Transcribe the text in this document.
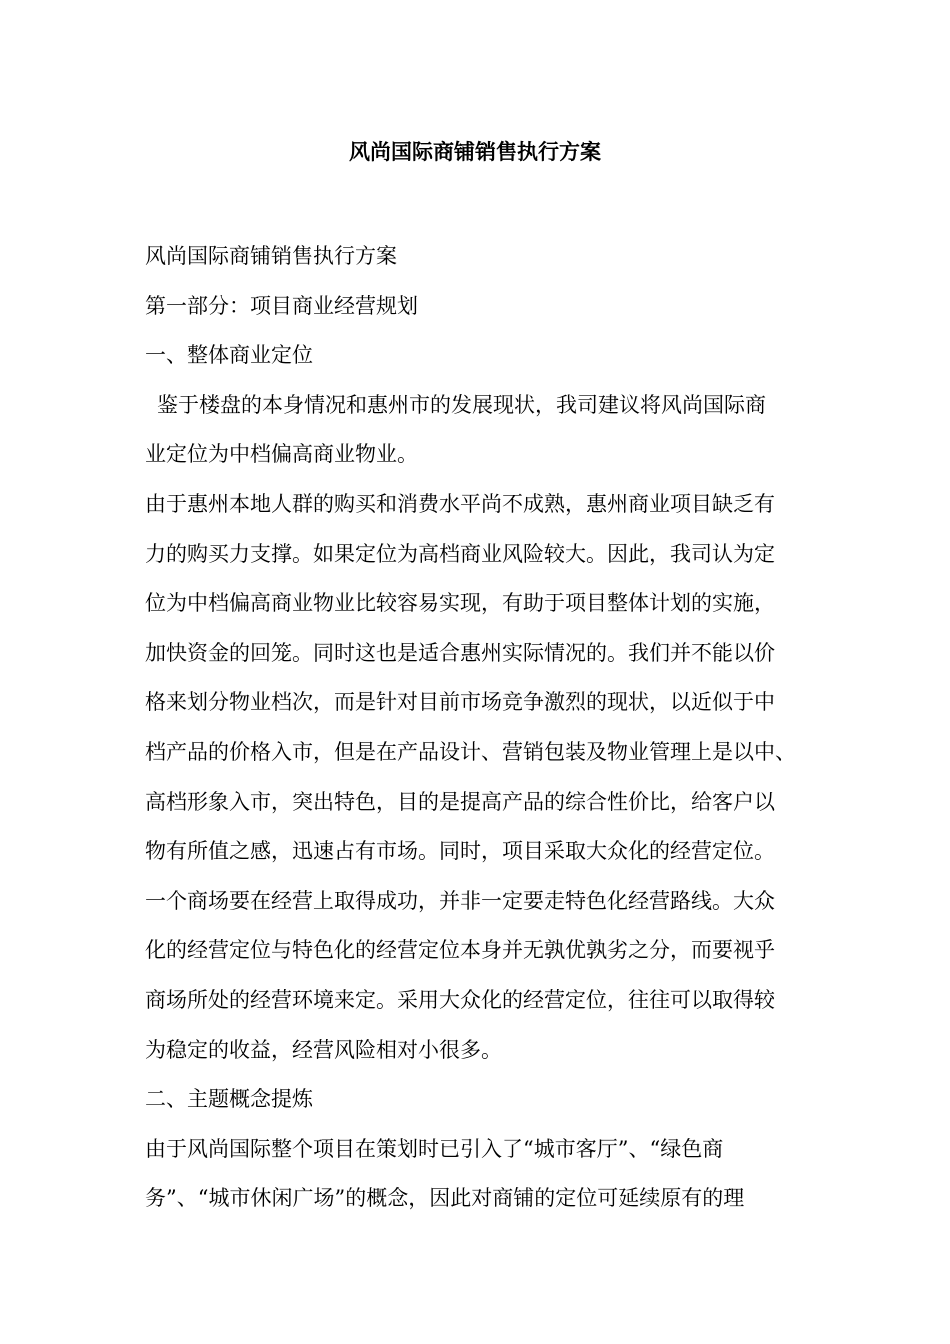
风尚国际商铺销售执行方案
风尚国际商铺销售执行方案
第一部分：项目商业经营规划
一、整体商业定位
鉴于楼盘的本身情况和惠州市的发展现状，我司建议将风尚国际商
业定位为中档偏高商业物业。
由于惠州本地人群的购买和消费水平尚不成熟，惠州商业项目缺乏有
力的购买力支撑。如果定位为高档商业风险较大。因此，我司认为定
位为中档偏高商业物业比较容易实现，有助于项目整体计划的实施，
加快资金的回笼。同时这也是适合惠州实际情况的。我们并不能以价
格来划分物业档次，而是针对目前市场竞争激烈的现状，以近似于中
档产品的价格入市，但是在产品设计、营销包装及物业管理上是以中、
高档形象入市，突出特色，目的是提高产品的综合性价比，给客户以
物有所值之感，迅速占有市场。同时，项目采取大众化的经营定位。
一个商场要在经营上取得成功，并非一定要走特色化经营路线。大众
化的经营定位与特色化的经营定位本身并无孰优孰劣之分，而要视乎
商场所处的经营环境来定。采用大众化的经营定位，往往可以取得较
为稳定的收益，经营风险相对小很多。
二、主题概念提炼
由于风尚国际整个项目在策划时已引入了“城市客厅”、“绿色商
务”、“城市休闲广场”的概念，因此对商铺的定位可延续原有的理
